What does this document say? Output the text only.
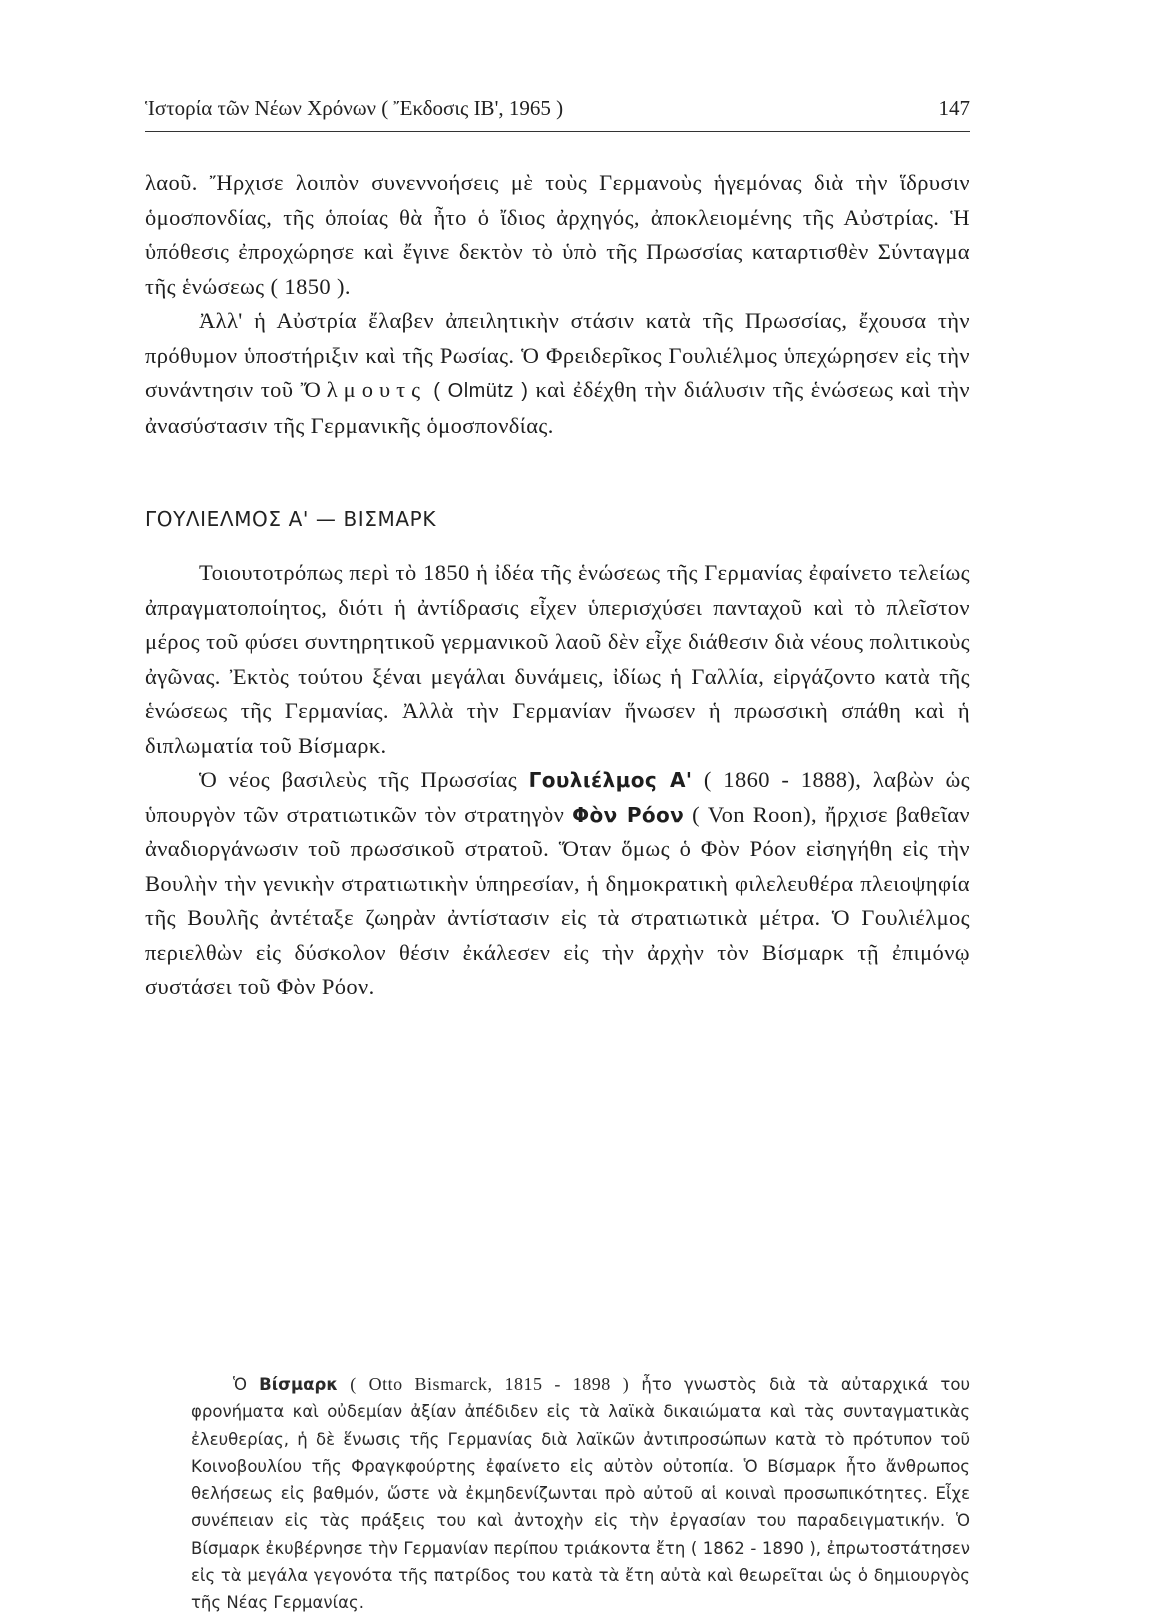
Ἱστορία τῶν Νέων Χρόνων ( Ἔκδοσις ΙΒ', 1965 )	147

λαοῦ. Ἤρχισε λοιπὸν συνεννοήσεις μὲ τοὺς Γερμανοὺς ἡγεμόνας διὰ τὴν ἵδρυσιν ὁμοσπονδίας, τῆς ὁποίας θὰ ἦτο ὁ ἴδιος ἀρχηγός, ἀποκλειομένης τῆς Αὐστρίας. Ἡ ὑπόθεσις ἐπροχώρησε καὶ ἔγινε δεκτὸν τὸ ὑπὸ τῆς Πρωσσίας καταρτισθὲν Σύνταγμα τῆς ἑνώσεως ( 1850 ).

Ἀλλ' ἡ Αὐστρία ἔλαβεν ἀπειλητικὴν στάσιν κατὰ τῆς Πρωσσίας, ἔχουσα τὴν πρόθυμον ὑποστήριξιν καὶ τῆς Ρωσίας. Ὁ Φρειδερῖκος Γουλιέλμος ὑπεχώρησεν εἰς τὴν συνάντησιν τοῦ Ὄλμουτς ( Olmütz ) καὶ ἐδέχθη τὴν διάλυσιν τῆς ἑνώσεως καὶ τὴν ἀνασύστασιν τῆς Γερμανικῆς ὁμοσπονδίας.

ΓΟΥΛΙΕΛΜΟΣ Α' — ΒΙΣΜΑΡΚ

Τοιουτοτρόπως περὶ τὸ 1850 ἡ ἰδέα τῆς ἑνώσεως τῆς Γερμανίας ἐφαίνετο τελείως ἀπραγματοποίητος, διότι ἡ ἀντίδρασις εἶχεν ὑπερισχύσει πανταχοῦ καὶ τὸ πλεῖστον μέρος τοῦ φύσει συντηρητικοῦ γερμανικοῦ λαοῦ δὲν εἶχε διάθεσιν διὰ νέους πολιτικοὺς ἀγῶνας. Ἐκτὸς τούτου ξέναι μεγάλαι δυνάμεις, ἰδίως ἡ Γαλλία, εἰργάζοντο κατὰ τῆς ἑνώσεως τῆς Γερμανίας. Ἀλλὰ τὴν Γερμανίαν ἥνωσεν ἡ πρωσσικὴ σπάθη καὶ ἡ διπλωματία τοῦ Βίσμαρκ.

Ὁ νέος βασιλεὺς τῆς Πρωσσίας Γουλιέλμος Α' ( 1860 - 1888), λαβὼν ὡς ὑπουργὸν τῶν στρατιωτικῶν τὸν στρατηγὸν Φὸν Ρόον ( Von Roon), ἤρχισε βαθεῖαν ἀναδιοργάνωσιν τοῦ πρωσσικοῦ στρατοῦ. Ὅταν ὅμως ὁ Φὸν Ρόον εἰσηγήθη εἰς τὴν Βουλὴν τὴν γενικὴν στρατιωτικὴν ὑπηρεσίαν, ἡ δημοκρατικὴ φιλελευθέρα πλειοψηφία τῆς Βουλῆς ἀντέταξε ζωηρὰν ἀντίστασιν εἰς τὰ στρατιωτικὰ μέτρα. Ὁ Γουλιέλμος περιελθὼν εἰς δύσκολον θέσιν ἐκάλεσεν εἰς τὴν ἀρχὴν τὸν Βίσμαρκ τῇ ἐπιμόνῳ συστάσει τοῦ Φὸν Ρόον.

Ὁ Βίσμαρκ ( Otto Bismarck, 1815 - 1898 ) ἦτο γνωστὸς διὰ τὰ αὐταρχικά του φρονήματα καὶ οὐδεμίαν ἀξίαν ἀπέδιδεν εἰς τὰ λαϊκὰ δικαιώματα καὶ τὰς συνταγματικὰς ἐλευθερίας, ἡ δὲ ἕνωσις τῆς Γερμανίας διὰ λαϊκῶν ἀντιπροσώπων κατὰ τὸ πρότυπον τοῦ Κοινοβουλίου τῆς Φραγκφούρτης ἐφαίνετο εἰς αὐτὸν οὐτοπία. Ὁ Βίσμαρκ ἦτο ἄνθρωπος θελήσεως εἰς βαθμόν, ὥστε νὰ ἐκμηδενίζωνται πρὸ αὐτοῦ αἱ κοιναὶ προσωπικότητες. Εἶχε συνέπειαν εἰς τὰς πράξεις του καὶ ἀντοχὴν εἰς τὴν ἐργασίαν του παραδειγματικήν. Ὁ Βίσμαρκ ἐκυβέρνησε τὴν Γερμανίαν περίπου τριάκοντα ἔτη ( 1862 - 1890 ), ἐπρωτοστάτησεν εἰς τὰ μεγάλα γεγονότα τῆς πατρίδος του κατὰ τὰ ἔτη αὐτὰ καὶ θεωρεῖται ὡς ὁ δημιουργὸς τῆς Νέας Γερμανίας.
